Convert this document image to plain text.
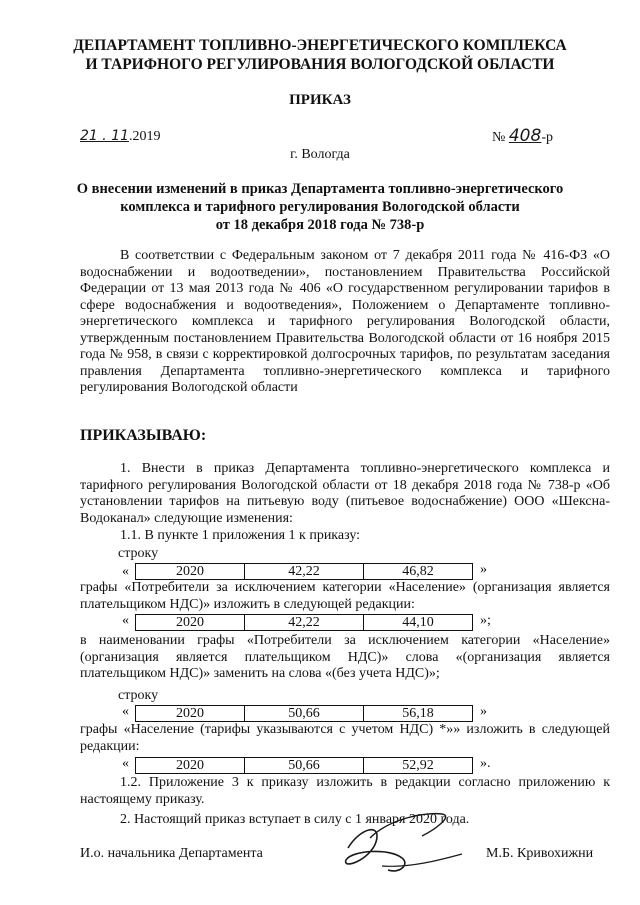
ДЕПАРТАМЕНТ ТОПЛИВНО-ЭНЕРГЕТИЧЕСКОГО КОМПЛЕКСА
И ТАРИФНОГО РЕГУЛИРОВАНИЯ ВОЛОГОДСКОЙ ОБЛАСТИ
ПРИКАЗ
21 . 11.2019	№ 408-р
г. Вологда
О внесении изменений в приказ Департамента топливно-энергетического
комплекса и тарифного регулирования Вологодской области
от 18 декабря 2018 года № 738-р
В соответствии с Федеральным законом от 7 декабря 2011 года № 416-ФЗ «О водоснабжении и водоотведении», постановлением Правительства Российской Федерации от 13 мая 2013 года № 406 «О государственном регулировании тарифов в сфере водоснабжения и водоотведения», Положением о Департаменте топливно-энергетического комплекса и тарифного регулирования Вологодской области, утвержденным постановлением Правительства Вологодской области от 16 ноября 2015 года № 958, в связи с корректировкой долгосрочных тарифов, по результатам заседания правления Департамента топливно-энергетического комплекса и тарифного регулирования Вологодской области
ПРИКАЗЫВАЮ:
1. Внести в приказ Департамента топливно-энергетического комплекса и тарифного регулирования Вологодской области от 18 декабря 2018 года № 738-р «Об установлении тарифов на питьевую воду (питьевое водоснабжение) ООО «Шексна-Водоканал» следующие изменения:
1.1. В пункте 1 приложения 1 к приказу:
строку
«	2020	42,22	46,82	»
графы «Потребители за исключением категории «Население» (организация является плательщиком НДС)» изложить в следующей редакции:
«	2020	42,22	44,10	»;
в наименовании графы «Потребители за исключением категории «Население» (организация является плательщиком НДС)» слова «(организация является плательщиком НДС)» заменить на слова «(без учета НДС)»;
строку
«	2020	50,66	56,18	»
графы «Население (тарифы указываются с учетом НДС) *»» изложить в следующей редакции:
«	2020	50,66	52,92	».
1.2. Приложение 3 к приказу изложить в редакции согласно приложению к настоящему приказу.
2. Настоящий приказ вступает в силу с 1 января 2020 года.
И.о. начальника Департамента	М.Б. Кривохижни
